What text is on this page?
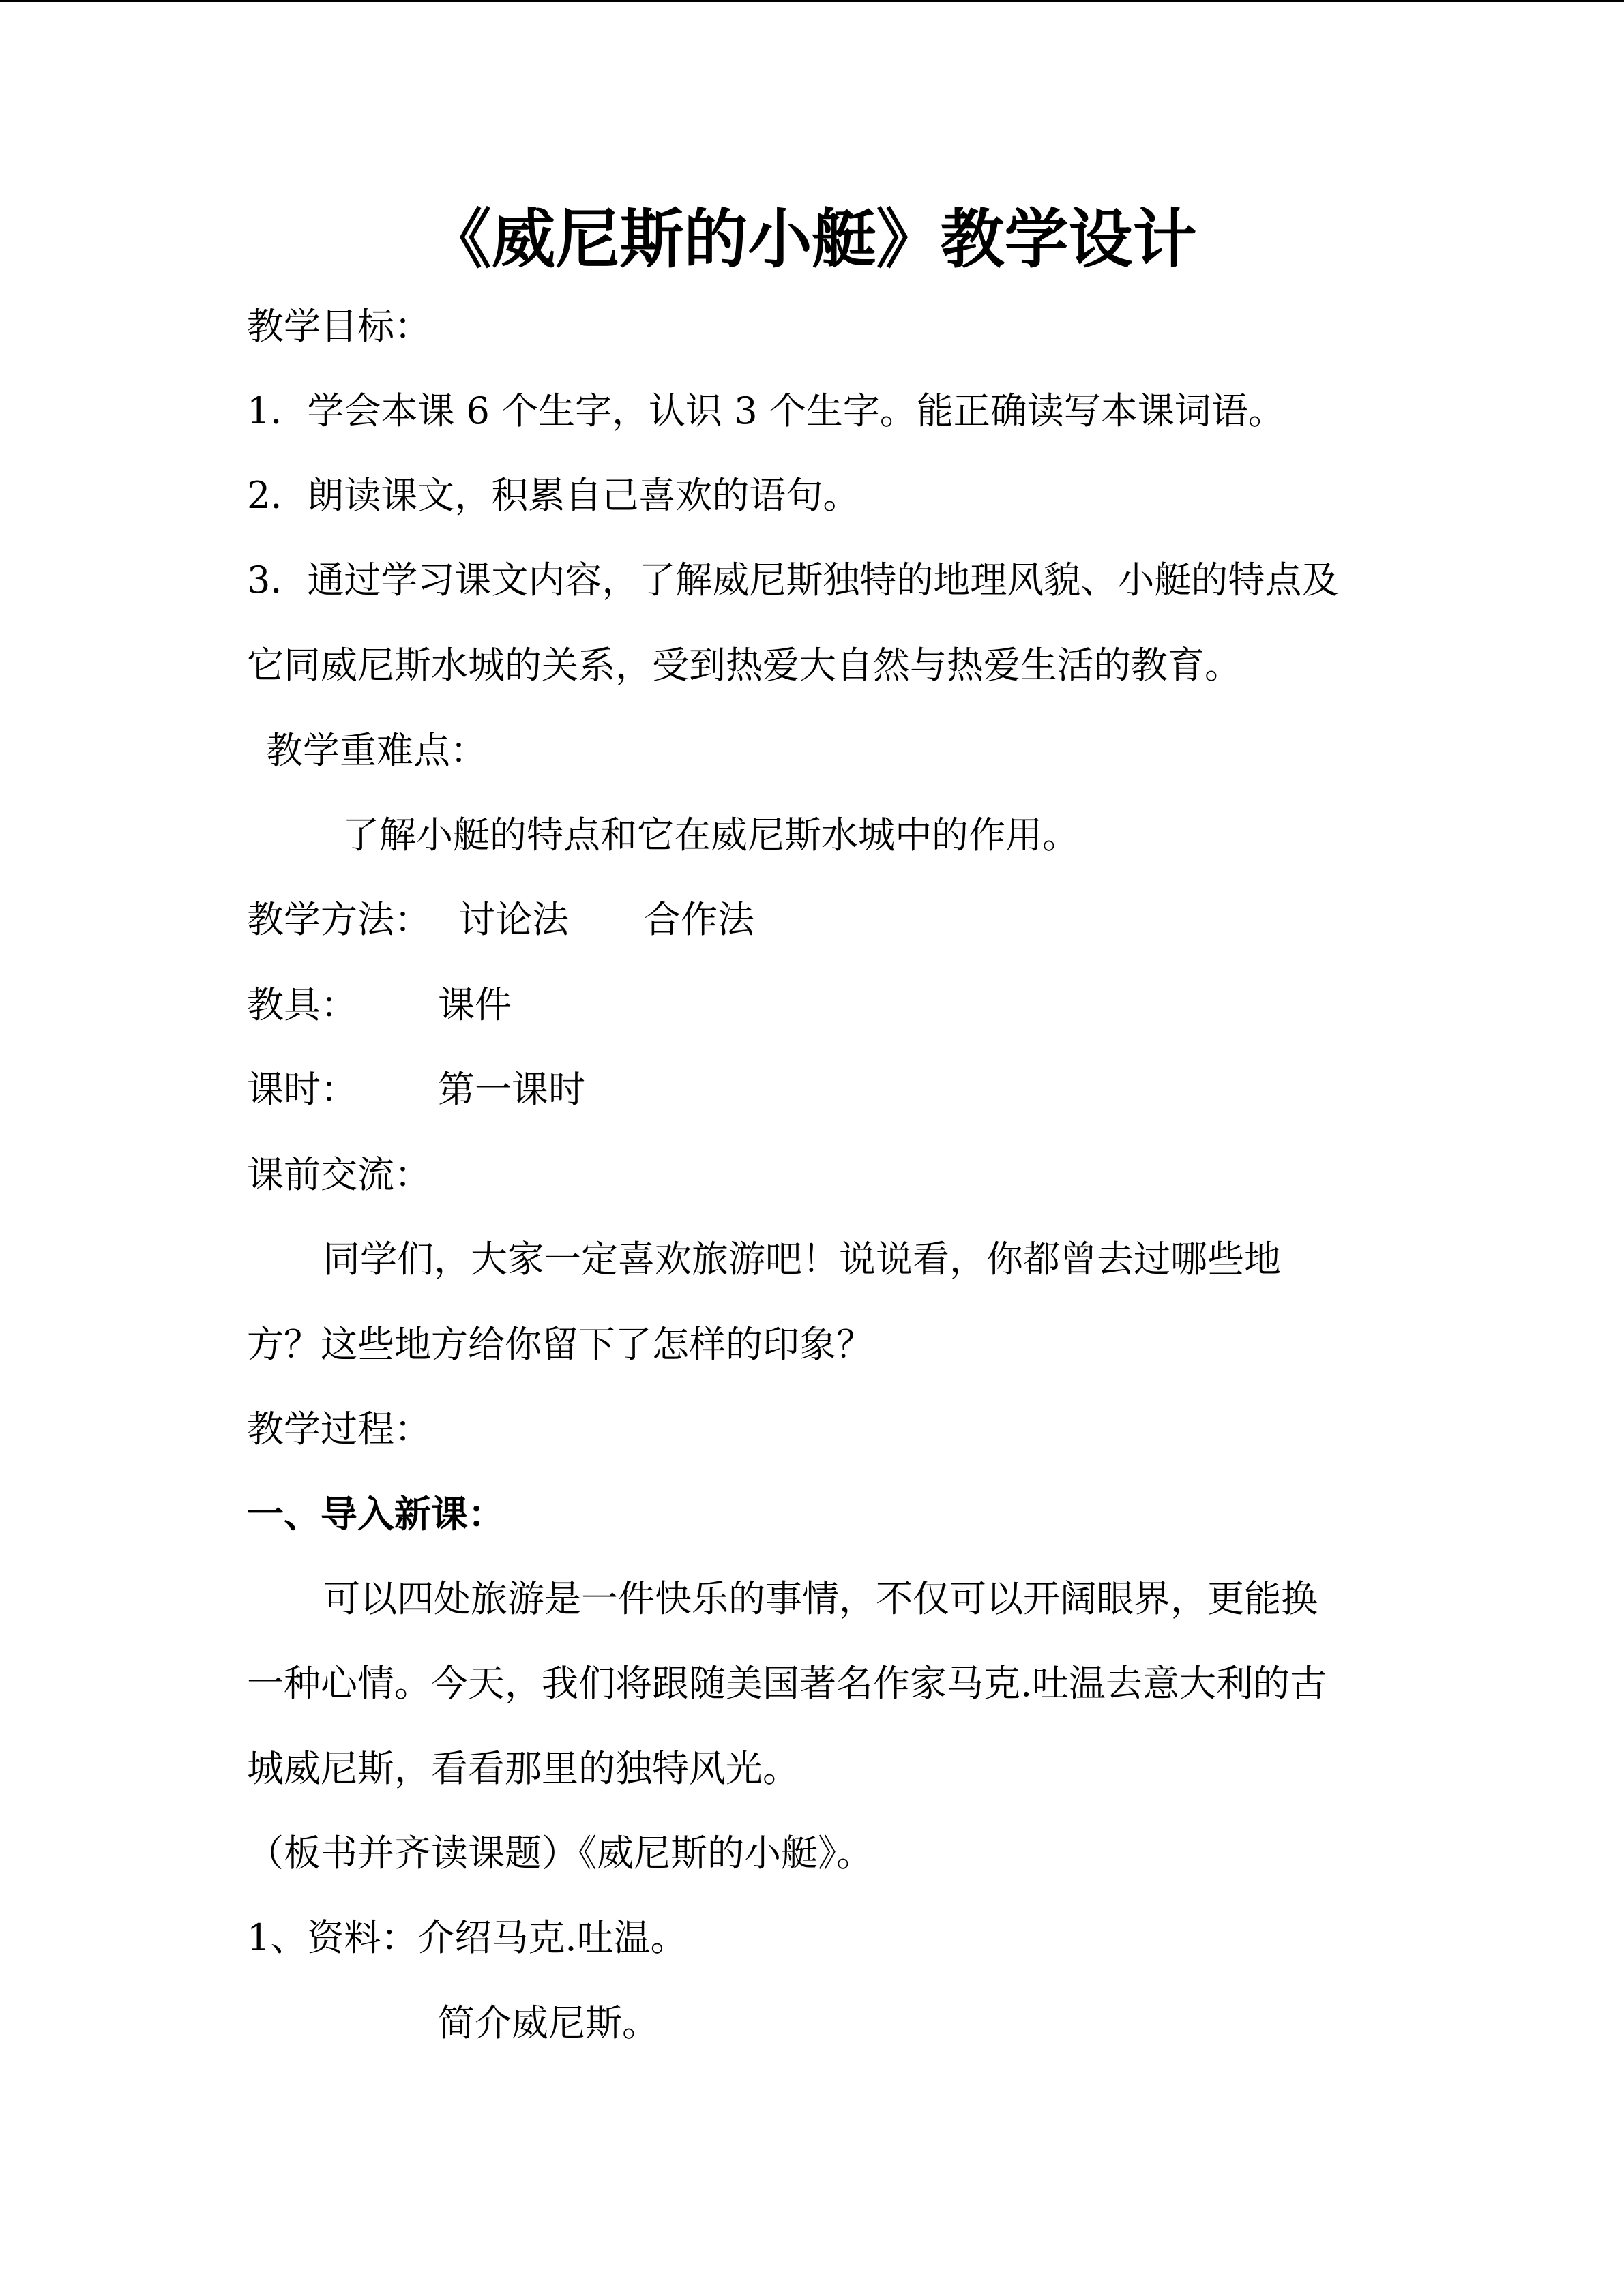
《威尼斯的小艇》教学设计
教学目标：
1．学会本课 6 个生字，认识 3 个生字。能正确读写本课词语。
2．朗读课文，积累自己喜欢的语句。
3．通过学习课文内容，了解威尼斯独特的地理风貌、小艇的特点及
它同威尼斯水城的关系，受到热爱大自然与热爱生活的教育。
教学重难点：
了解小艇的特点和它在威尼斯水城中的作用。
教学方法： 讨论法 合作法
教具： 课件
课时： 第一课时
课前交流：
同学们，大家一定喜欢旅游吧！说说看，你都曾去过哪些地
方？这些地方给你留下了怎样的印象？
教学过程：
一、导入新课：
可以四处旅游是一件快乐的事情，不仅可以开阔眼界，更能换
一种心情。今天，我们将跟随美国著名作家马克.吐温去意大利的古
城威尼斯，看看那里的独特风光。
（板书并齐读课题）《威尼斯的小艇》。
1、资料：介绍马克.吐温。
简介威尼斯。
